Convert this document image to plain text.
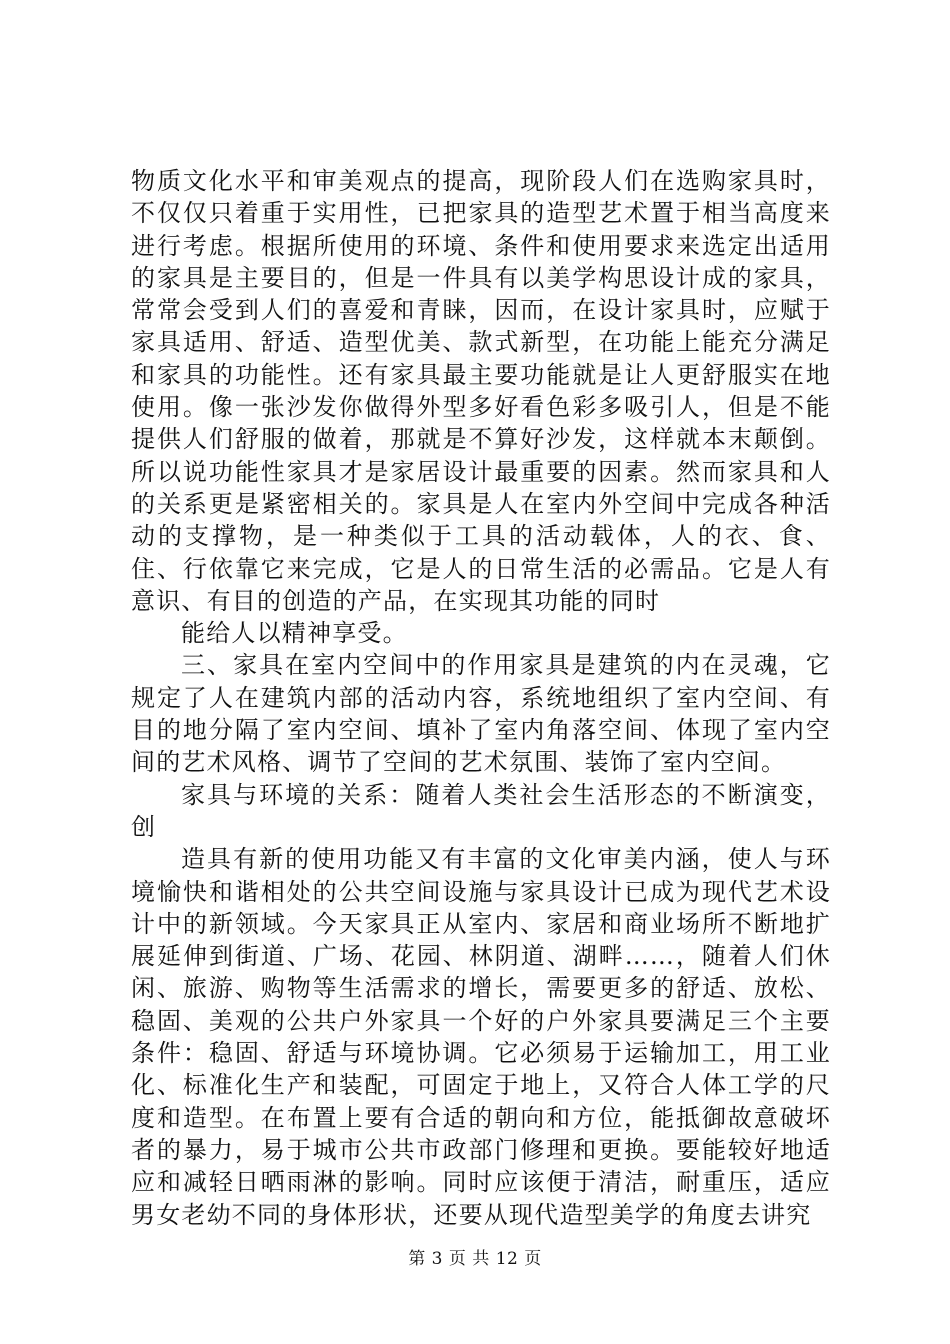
物质文化水平和审美观点的提高，现阶段人们在选购家具时，不仅仅只着重于实用性，已把家具的造型艺术置于相当高度来进行考虑。根据所使用的环境、条件和使用要求来选定出适用的家具是主要目的，但是一件具有以美学构思设计成的家具，常常会受到人们的喜爱和青睐，因而，在设计家具时，应赋于家具适用、舒适、造型优美、款式新型，在功能上能充分满足和家具的功能性。还有家具最主要功能就是让人更舒服实在地使用。像一张沙发你做得外型多好看色彩多吸引人，但是不能提供人们舒服的做着，那就是不算好沙发，这样就本末颠倒。所以说功能性家具才是家居设计最重要的因素。然而家具和人的关系更是紧密相关的。家具是人在室内外空间中完成各种活动的支撑物，是一种类似于工具的活动载体，人的衣、食、住、行依靠它来完成，它是人的日常生活的必需品。它是人有意识、有目的创造的产品，在实现其功能的同时

能给人以精神享受。

三、家具在室内空间中的作用家具是建筑的内在灵魂，它规定了人在建筑内部的活动内容，系统地组织了室内空间、有目的地分隔了室内空间、填补了室内角落空间、体现了室内空间的艺术风格、调节了空间的艺术氛围、装饰了室内空间。

家具与环境的关系：随着人类社会生活形态的不断演变，创

造具有新的使用功能又有丰富的文化审美内涵，使人与环境愉快和谐相处的公共空间设施与家具设计已成为现代艺术设计中的新领域。今天家具正从室内、家居和商业场所不断地扩展延伸到街道、广场、花园、林阴道、湖畔……，随着人们休闲、旅游、购物等生活需求的增长，需要更多的舒适、放松、稳固、美观的公共户外家具一个好的户外家具要满足三个主要条件：稳固、舒适与环境协调。它必须易于运输加工，用工业化、标准化生产和装配，可固定于地上，又符合人体工学的尺度和造型。在布置上要有合适的朝向和方位，能抵御故意破坏者的暴力，易于城市公共市政部门修理和更换。要能较好地适应和减轻日晒雨淋的影响。同时应该便于清洁，耐重压，适应男女老幼不同的身体形状，还要从现代造型美学的角度去讲究

第 3 页 共 12 页
